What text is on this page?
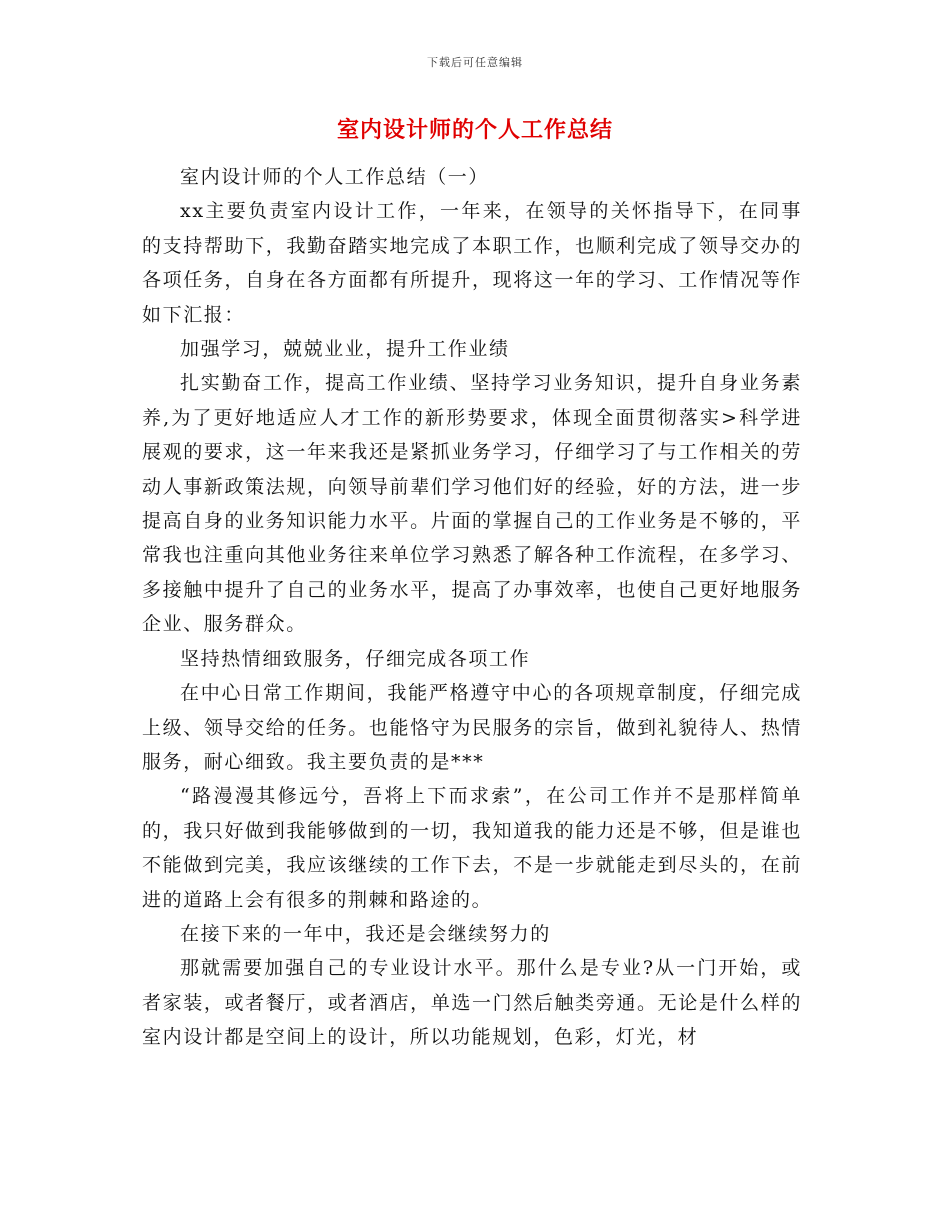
下载后可任意编辑
室内设计师的个人工作总结

室内设计师的个人工作总结（一）

xx主要负责室内设计工作，一年来，在领导的关怀指导下，在同事的支持帮助下，我勤奋踏实地完成了本职工作，也顺利完成了领导交办的各项任务，自身在各方面都有所提升，现将这一年的学习、工作情况等作如下汇报：

加强学习，兢兢业业，提升工作业绩

扎实勤奋工作，提高工作业绩、坚持学习业务知识，提升自身业务素养,为了更好地适应人才工作的新形势要求，体现全面贯彻落实>科学进展观的要求，这一年来我还是紧抓业务学习，仔细学习了与工作相关的劳动人事新政策法规，向领导前辈们学习他们好的经验，好的方法，进一步提高自身的业务知识能力水平。片面的掌握自己的工作业务是不够的，平常我也注重向其他业务往来单位学习熟悉了解各种工作流程，在多学习、多接触中提升了自己的业务水平，提高了办事效率，也使自己更好地服务企业、服务群众。

坚持热情细致服务，仔细完成各项工作

在中心日常工作期间，我能严格遵守中心的各项规章制度，仔细完成上级、领导交给的任务。也能恪守为民服务的宗旨，做到礼貌待人、热情服务，耐心细致。我主要负责的是***

“路漫漫其修远兮，吾将上下而求索”，在公司工作并不是那样简单的，我只好做到我能够做到的一切，我知道我的能力还是不够，但是谁也不能做到完美，我应该继续的工作下去，不是一步就能走到尽头的，在前进的道路上会有很多的荆棘和路途的。

在接下来的一年中，我还是会继续努力的

那就需要加强自己的专业设计水平。那什么是专业?从一门开始，或者家装，或者餐厅，或者酒店，单选一门然后触类旁通。无论是什么样的室内设计都是空间上的设计，所以功能规划，色彩，灯光，材
